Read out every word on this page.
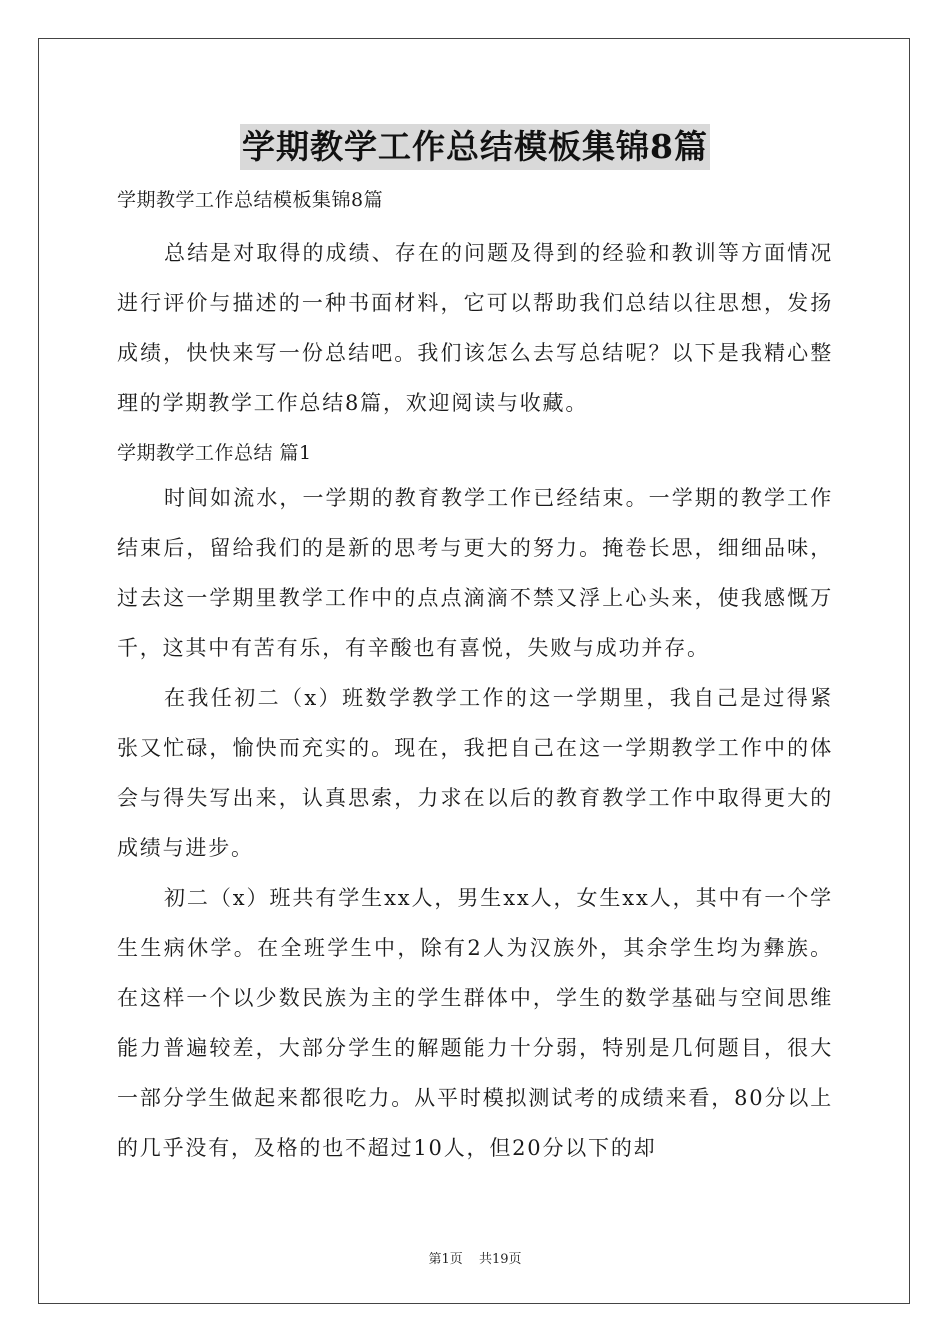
学期教学工作总结模板集锦8篇

学期教学工作总结模板集锦8篇

总结是对取得的成绩、存在的问题及得到的经验和教训等方面情况进行评价与描述的一种书面材料，它可以帮助我们总结以往思想，发扬成绩，快快来写一份总结吧。我们该怎么去写总结呢？以下是我精心整理的学期教学工作总结8篇，欢迎阅读与收藏。

学期教学工作总结 篇1

时间如流水，一学期的教育教学工作已经结束。一学期的教学工作结束后，留给我们的是新的思考与更大的努力。掩卷长思，细细品味，过去这一学期里教学工作中的点点滴滴不禁又浮上心头来，使我感慨万千，这其中有苦有乐，有辛酸也有喜悦，失败与成功并存。

在我任初二（x）班数学教学工作的这一学期里，我自己是过得紧张又忙碌，愉快而充实的。现在，我把自己在这一学期教学工作中的体会与得失写出来，认真思索，力求在以后的教育教学工作中取得更大的成绩与进步。

初二（x）班共有学生xx人，男生xx人，女生xx人，其中有一个学生生病休学。在全班学生中，除有2人为汉族外，其余学生均为彝族。在这样一个以少数民族为主的学生群体中，学生的数学基础与空间思维能力普遍较差，大部分学生的解题能力十分弱，特别是几何题目，很大一部分学生做起来都很吃力。从平时模拟测试考的成绩来看，80分以上的几乎没有，及格的也不超过10人，但20分以下的却

第1页 共19页
